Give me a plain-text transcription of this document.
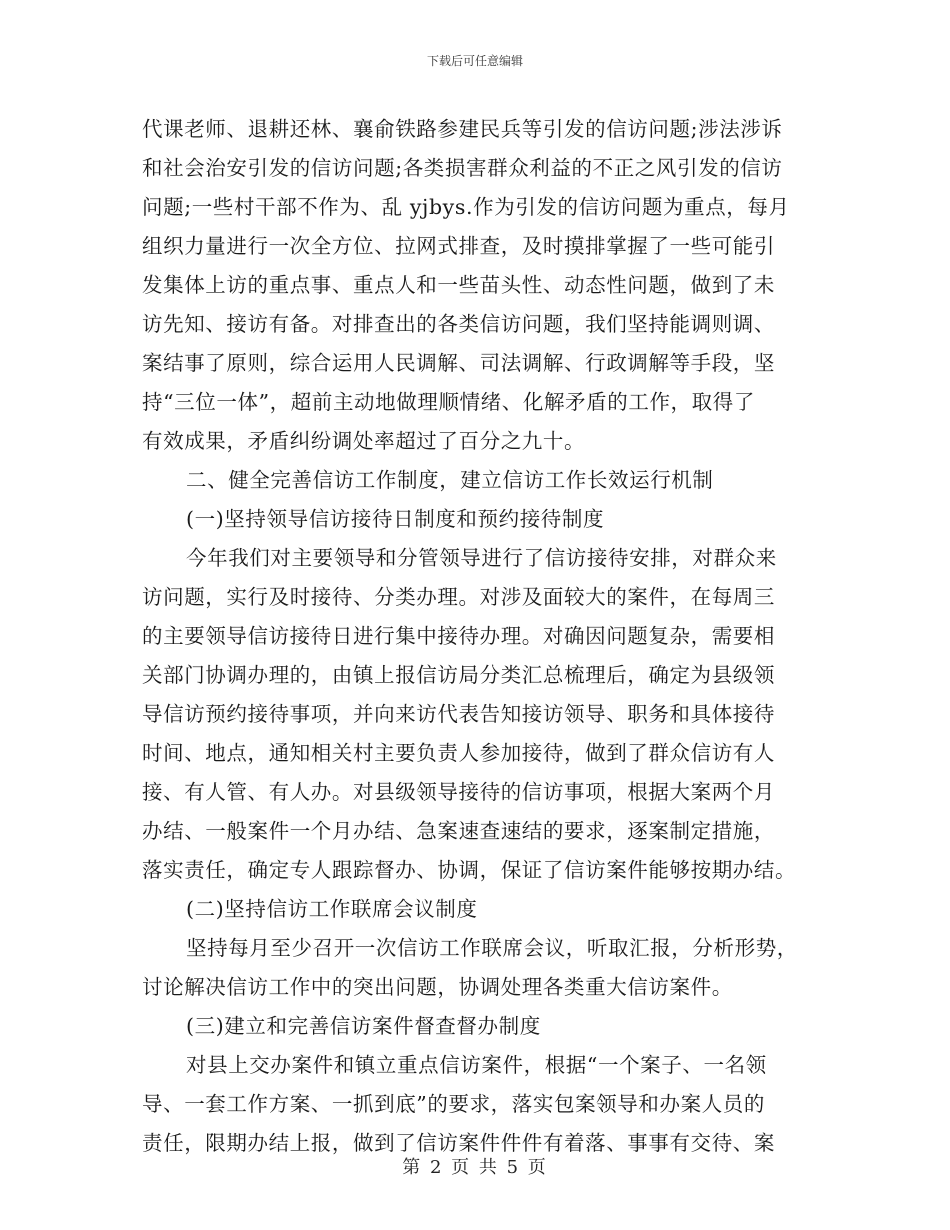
下载后可任意编辑
代课老师、退耕还林、襄俞铁路参建民兵等引发的信访问题;涉法涉诉
和社会治安引发的信访问题;各类损害群众利益的不正之风引发的信访
问题;一些村干部不作为、乱 yjbys.作为引发的信访问题为重点，每月
组织力量进行一次全方位、拉网式排查，及时摸排掌握了一些可能引
发集体上访的重点事、重点人和一些苗头性、动态性问题，做到了未
访先知、接访有备。对排查出的各类信访问题，我们坚持能调则调、
案结事了原则，综合运用人民调解、司法调解、行政调解等手段，坚
持“三位一体”，超前主动地做理顺情绪、化解矛盾的工作，取得了
有效成果，矛盾纠纷调处率超过了百分之九十。
二、健全完善信访工作制度，建立信访工作长效运行机制
(一)坚持领导信访接待日制度和预约接待制度
今年我们对主要领导和分管领导进行了信访接待安排，对群众来
访问题，实行及时接待、分类办理。对涉及面较大的案件，在每周三
的主要领导信访接待日进行集中接待办理。对确因问题复杂，需要相
关部门协调办理的，由镇上报信访局分类汇总梳理后，确定为县级领
导信访预约接待事项，并向来访代表告知接访领导、职务和具体接待
时间、地点，通知相关村主要负责人参加接待，做到了群众信访有人
接、有人管、有人办。对县级领导接待的信访事项，根据大案两个月
办结、一般案件一个月办结、急案速查速结的要求，逐案制定措施，
落实责任，确定专人跟踪督办、协调，保证了信访案件能够按期办结。
(二)坚持信访工作联席会议制度
坚持每月至少召开一次信访工作联席会议，听取汇报，分析形势，
讨论解决信访工作中的突出问题，协调处理各类重大信访案件。
(三)建立和完善信访案件督查督办制度
对县上交办案件和镇立重点信访案件，根据“一个案子、一名领
导、一套工作方案、一抓到底”的要求，落实包案领导和办案人员的
责任，限期办结上报，做到了信访案件件件有着落、事事有交待、案
第 2 页 共 5 页
